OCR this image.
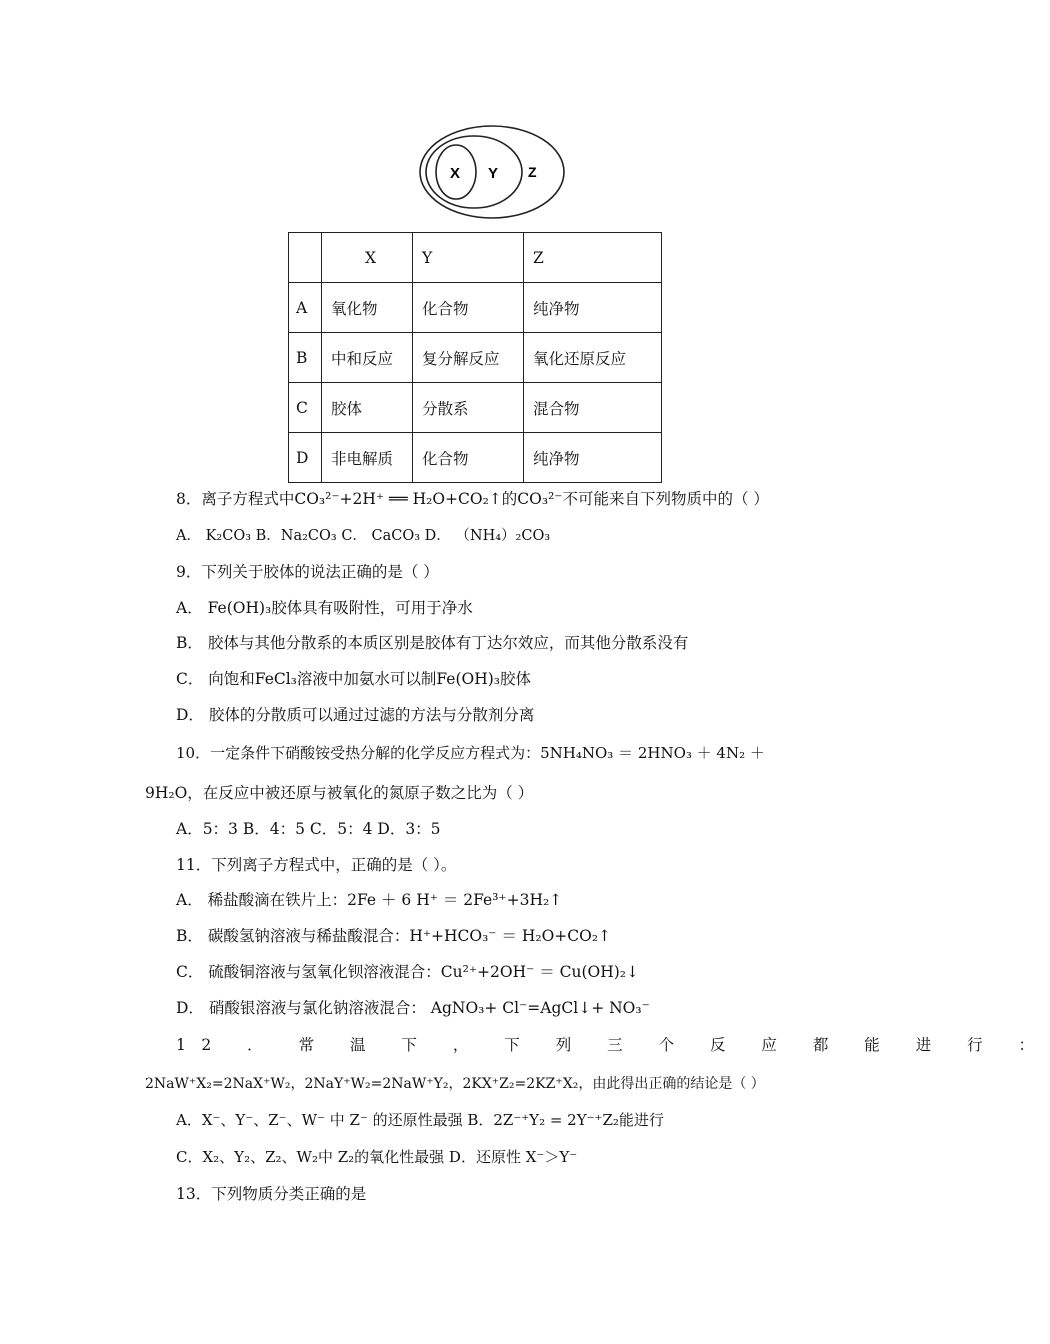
X Y Z
	X	Y	Z
A	氧化物	化合物	纯净物
B	中和反应	复分解反应	氧化还原反应
C	胶体	分散系	混合物
D	非电解质	化合物	纯净物
8．离子方程式中CO₃²⁻+2H⁺ ══ H₂O+CO₂↑的CO₃²⁻不可能来自下列物质中的（ ）
A． K₂CO₃ B．Na₂CO₃ C． CaCO₃ D． （NH₄）₂CO₃
9．下列关于胶体的说法正确的是（ ）
A． Fe(OH)₃胶体具有吸附性，可用于净水
B． 胶体与其他分散系的本质区别是胶体有丁达尔效应，而其他分散系没有
C． 向饱和FeCl₃溶液中加氨水可以制Fe(OH)₃胶体
D． 胶体的分散质可以通过过滤的方法与分散剂分离
10．一定条件下硝酸铵受热分解的化学反应方程式为：5NH₄NO₃ ＝ 2HNO₃ ＋ 4N₂ ＋
9H₂O，在反应中被还原与被氧化的氮原子数之比为（ ）
A．5：3 B．4：5 C．5：4 D．3：5
11．下列离子方程式中，正确的是（ ）。
A． 稀盐酸滴在铁片上：2Fe ＋ 6 H⁺ ＝ 2Fe³⁺+3H₂↑
B． 碳酸氢钠溶液与稀盐酸混合：H⁺+HCO₃⁻ ＝ H₂O+CO₂↑
C． 硫酸铜溶液与氢氧化钡溶液混合：Cu²⁺+2OH⁻ ＝ Cu(OH)₂↓
D． 硝酸银溶液与氯化钠溶液混合： AgNO₃+ Cl⁻=AgCl↓+ NO₃⁻
12 ． 常 温 下 ， 下 列 三 个 反 应 都 能 进 行 ：
2NaW⁺X₂=2NaX⁺W₂，2NaY⁺W₂=2NaW⁺Y₂，2KX⁺Z₂=2KZ⁺X₂，由此得出正确的结论是（ ）
A．X⁻、Y⁻、Z⁻、W⁻ 中 Z⁻ 的还原性最强 B．2Z⁻⁺Y₂ = 2Y⁻⁺Z₂能进行
C．X₂、Y₂、Z₂、W₂中 Z₂的氧化性最强 D．还原性 X⁻＞Y⁻
13．下列物质分类正确的是
